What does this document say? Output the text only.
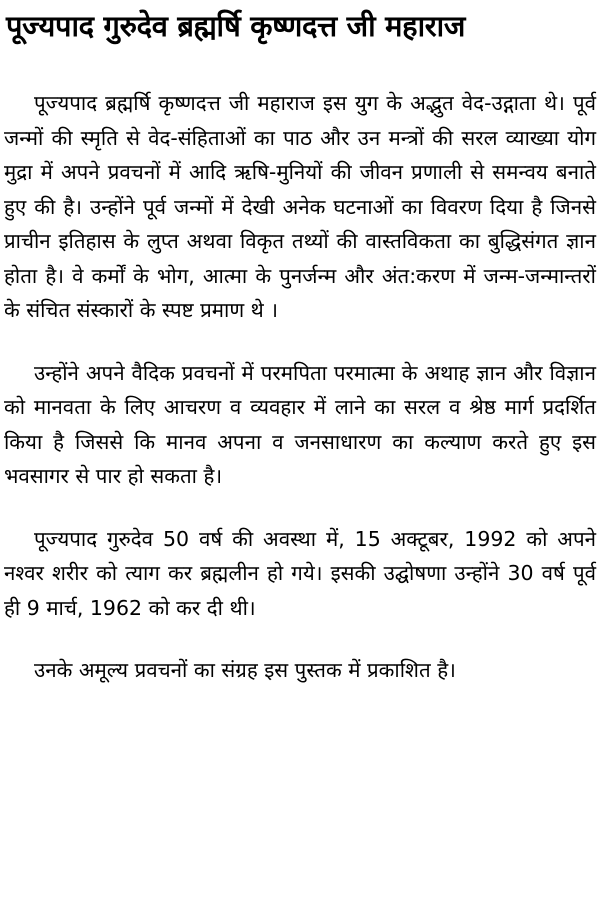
पूज्यपाद गुरुदेव ब्रह्मर्षि कृष्णदत्त जी महाराज

पूज्यपाद ब्रह्मर्षि कृष्णदत्त जी महाराज इस युग के अद्भुत वेद-उद्गाता थे। पूर्व जन्मों की स्मृति से वेद-संहिताओं का पाठ और उन मन्त्रों की सरल व्याख्या योग मुद्रा में अपने प्रवचनों में आदि ऋषि-मुनियों की जीवन प्रणाली से समन्वय बनाते हुए की है। उन्होंने पूर्व जन्मों में देखी अनेक घटनाओं का विवरण दिया है जिनसे प्राचीन इतिहास के लुप्त अथवा विकृत तथ्यों की वास्तविकता का बुद्धिसंगत ज्ञान होता है। वे कर्मों के भोग, आत्मा के पुनर्जन्म और अंत:करण में जन्म-जन्मान्तरों के संचित संस्कारों के स्पष्ट प्रमाण थे ।

उन्होंने अपने वैदिक प्रवचनों में परमपिता परमात्मा के अथाह ज्ञान और विज्ञान को मानवता के लिए आचरण व व्यवहार में लाने का सरल व श्रेष्ठ मार्ग प्रदर्शित किया है जिससे कि मानव अपना व जनसाधारण का कल्याण करते हुए इस भवसागर से पार हो सकता है।

पूज्यपाद गुरुदेव 50 वर्ष की अवस्था में, 15 अक्टूबर, 1992 को अपने नश्वर शरीर को त्याग कर ब्रह्मलीन हो गये। इसकी उद्घोषणा उन्होंने 30 वर्ष पूर्व ही 9 मार्च, 1962 को कर दी थी।

उनके अमूल्य प्रवचनों का संग्रह इस पुस्तक में प्रकाशित है।
